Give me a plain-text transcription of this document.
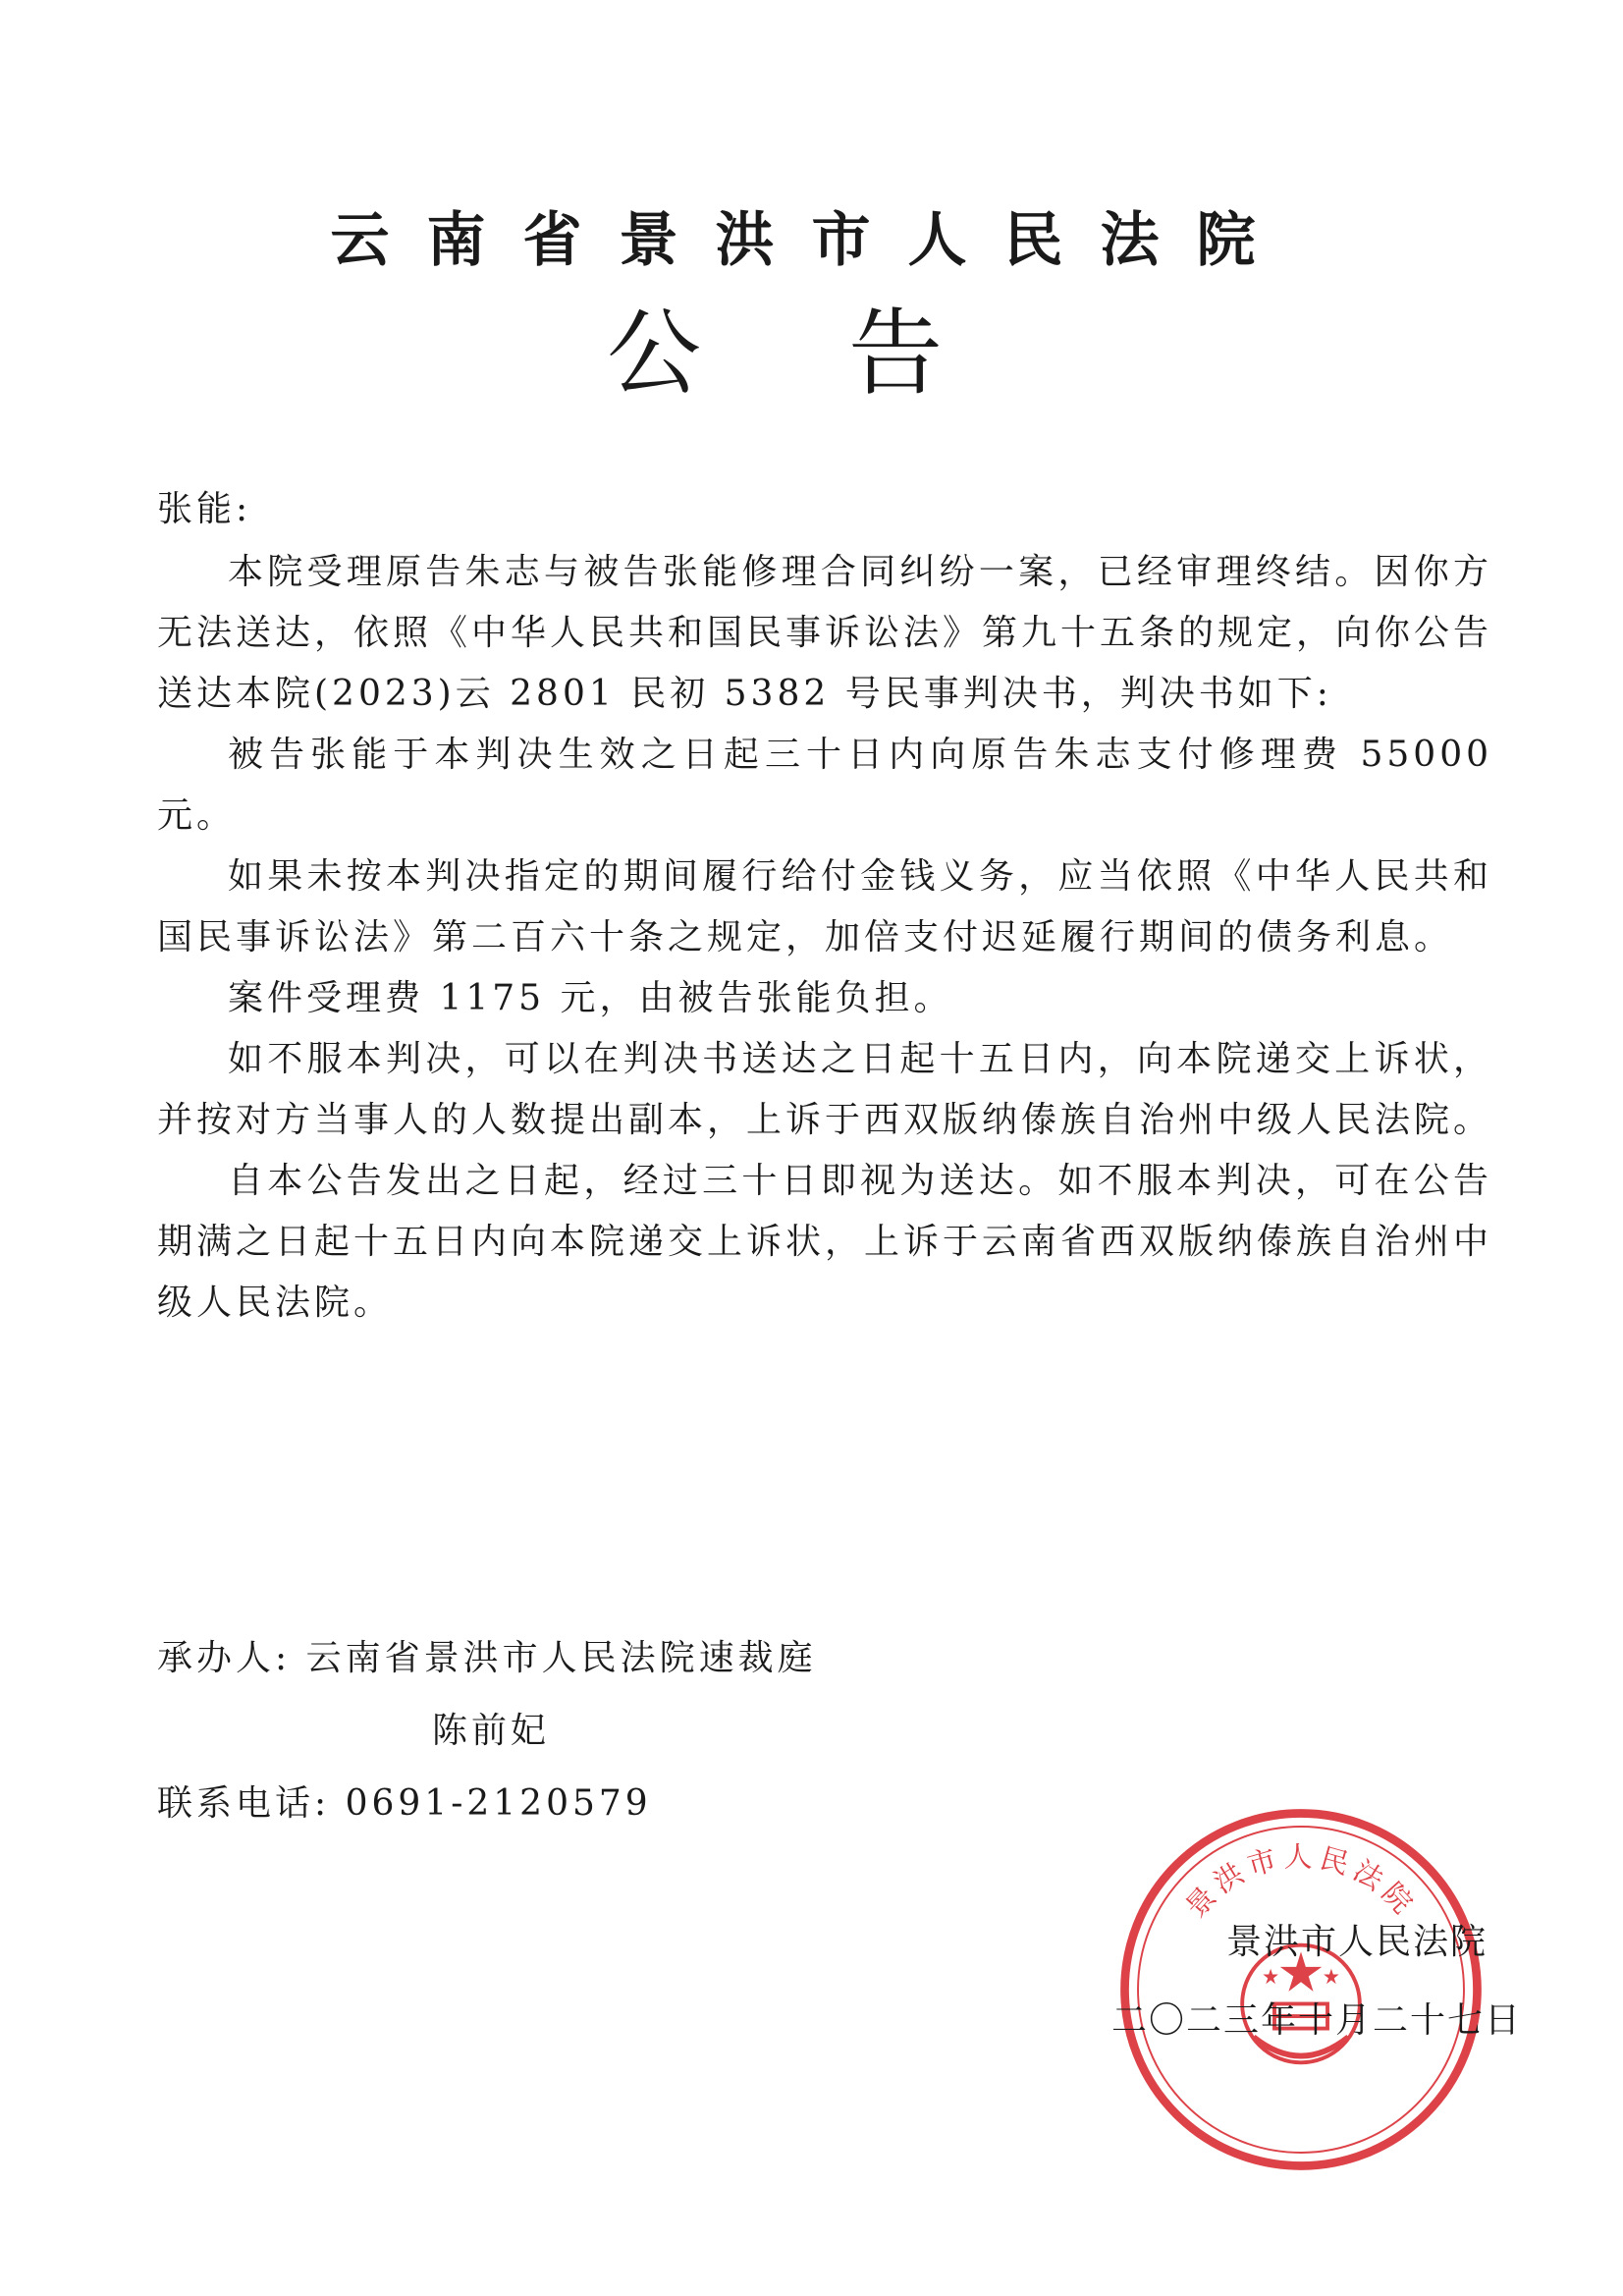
云南省景洪市人民法院
公告

张能:

本院受理原告朱志与被告张能修理合同纠纷一案，已经审理终结。因你方无法送达，依照《中华人民共和国民事诉讼法》第九十五条的规定，向你公告送达本院(2023)云 2801 民初 5382 号民事判决书，判决书如下:

被告张能于本判决生效之日起三十日内向原告朱志支付修理费 55000 元。

如果未按本判决指定的期间履行给付金钱义务，应当依照《中华人民共和国民事诉讼法》第二百六十条之规定，加倍支付迟延履行期间的债务利息。

案件受理费 1175 元，由被告张能负担。

如不服本判决，可以在判决书送达之日起十五日内，向本院递交上诉状，并按对方当事人的人数提出副本，上诉于西双版纳傣族自治州中级人民法院。

自本公告发出之日起，经过三十日即视为送达。如不服本判决，可在公告期满之日起十五日内向本院递交上诉状，上诉于云南省西双版纳傣族自治州中级人民法院。

承办人: 云南省景洪市人民法院速裁庭
陈前妃
联系电话: 0691-2120579
景洪市人民法院
景洪市人民法院
二〇二三年十月二十七日
